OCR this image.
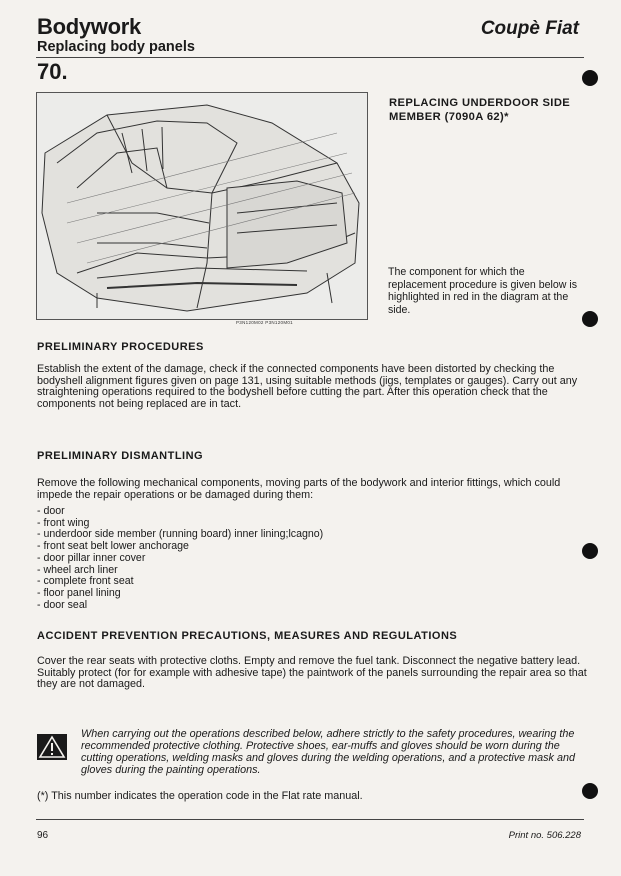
Bodywork	Coupè Fiat
Replacing body panels
70.
P3N120M02 P3N120M01
REPLACING UNDERDOOR SIDE MEMBER (7090A 62)*
The component for which the replacement procedure is given below is highlighted in red in the diagram at the side.
PRELIMINARY PROCEDURES
Establish the extent of the damage, check if the connected components have been distorted by checking the bodyshell alignment figures given on page 131, using suitable methods (jigs, templates or gauges). Carry out any straightening operations required to the bodyshell before cutting the part. After this operation check that the components not being replaced are in tact.
PRELIMINARY DISMANTLING
Remove the following mechanical components, moving parts of the bodywork and interior fittings, which could impede the repair operations or be damaged during them:
- door
- front wing
- underdoor side member (running board) inner lining;lcagno)
- front seat belt lower anchorage
- door pillar inner cover
- wheel arch liner
- complete front seat
- floor panel lining
- door seal
ACCIDENT PREVENTION PRECAUTIONS, MEASURES AND REGULATIONS
Cover the rear seats with protective cloths. Empty and remove the fuel tank. Disconnect the negative battery lead. Suitably protect (for for example with adhesive tape) the paintwork of the panels surrounding the repair area so that they are not damaged.
When carrying out the operations described below, adhere strictly to the safety procedures, wearing the recommended protective clothing. Protective shoes, ear-muffs and gloves should be worn during the cutting operations, welding masks and gloves during the welding operations, and a protective mask and gloves during the painting operations.
(*) This number indicates the operation code in the Flat rate manual.
96	Print no. 506.228
